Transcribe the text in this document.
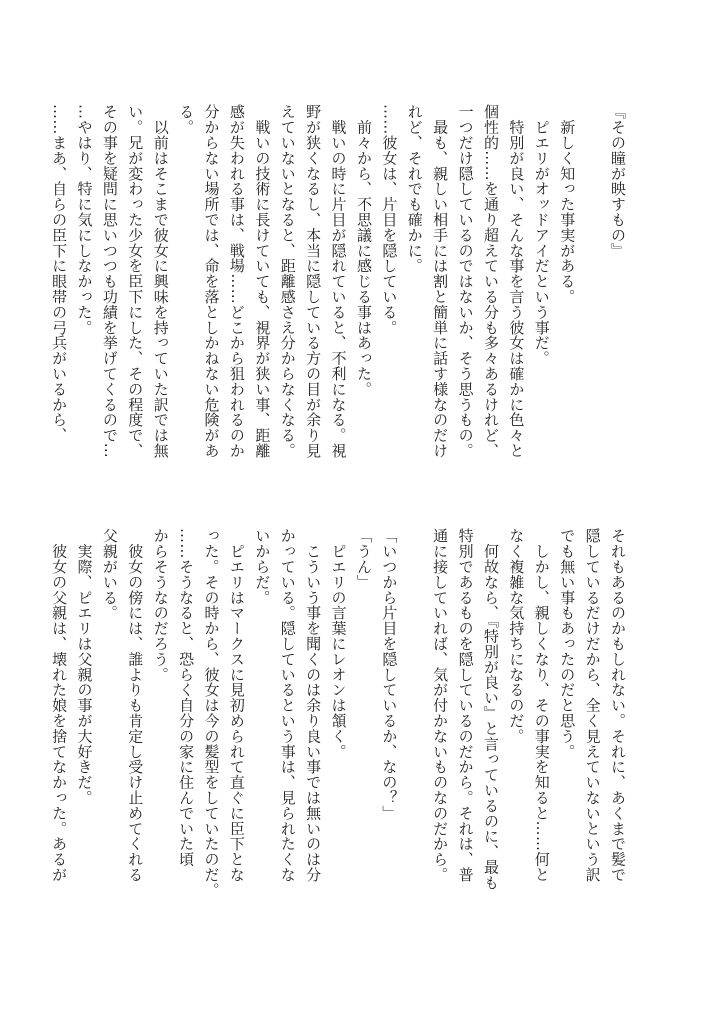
『その瞳が映すもの』

　新しく知った事実がある。

　ピエリがオッドアイだという事だ。

　特別が良い、そんな事を言う彼女は確かに色々と

個性的……を通り超えている分も多々あるけれど、

一つだけ隠しているのではないか、そう思うもの。

　最も、親しい相手には割と簡単に話す様なのだけ

れど、それでも確かに。

……彼女は、片目を隠している。

　前々から、不思議に感じる事はあった。

　戦いの時に片目が隠れていると、不利になる。視

野が狭くなるし、本当に隠している方の目が余り見

えていないとなると、距離感さえ分からなくなる。

　戦いの技術に長けていても、視界が狭い事、距離

感が失われる事は、戦場……どこから狙われるのか

分からない場所では、命を落としかねない危険があ

る。

　以前はそこまで彼女に興味を持っていた訳では無

い。兄が変わった少女を臣下にした、その程度で、

その事を疑問に思いつつも功績を挙げてくるので…

…やはり、特に気にしなかった。

……まあ、自らの臣下に眼帯の弓兵がいるから、

それもあるのかもしれない。それに、あくまで髪で

隠しているだけだから、全く見えていないという訳

でも無い事もあったのだと思う。

　しかし、親しくなり、その事実を知ると……何と

なく複雑な気持ちになるのだ。

　何故なら、『特別が良い』と言っているのに、最も

特別であるものを隠しているのだから。それは、普

通に接していれば、気が付かないものなのだから。

「いつから片目を隠しているか、なの？」

「うん」

　ピエリの言葉にレオンは頷く。

　こういう事を聞くのは余り良い事では無いのは分

かっている。隠しているという事は、見られたくな

いからだ。

　ピエリはマークスに見初められて直ぐに臣下とな

った。その時から、彼女は今の髪型をしていたのだ。

……そうなると、恐らく自分の家に住んでいた頃

からそうなのだろう。

　彼女の傍には、誰よりも肯定し受け止めてくれる

父親がいる。

　実際、ピエリは父親の事が大好きだ。

　彼女の父親は、壊れた娘を捨てなかった。あるが
